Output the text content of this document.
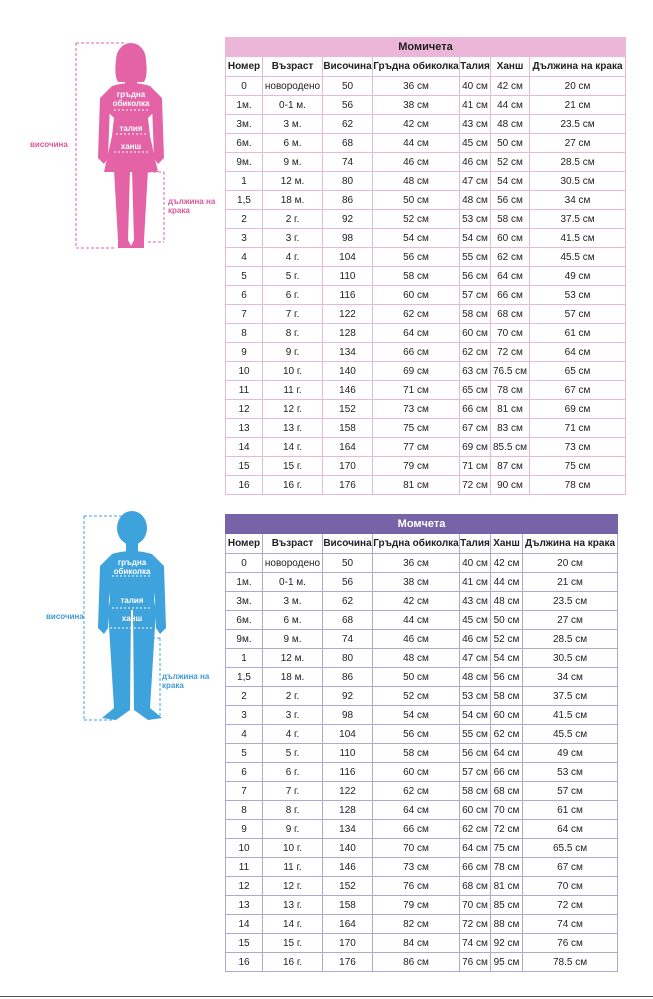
гръдна обиколка
талия
ханш
височина
дължина на крака
Момичета						
Номер	Възраст	Височина	Гръдна обиколка	Талия	Ханш	Дължина на крака
0	новородено	50	36 см	40 см	42 см	20 см
1м.	0-1 м.	56	38 см	41 см	44 см	21 см
3м.	3 м.	62	42 см	43 см	48 см	23.5 см
6м.	6 м.	68	44 см	45 см	50 см	27 см
9м.	9 м.	74	46 см	46 см	52 см	28.5 см
1	12 м.	80	48 см	47 см	54 см	30.5 см
1,5	18 м.	86	50 см	48 см	56 см	34 см
2	2 г.	92	52 см	53 см	58 см	37.5 см
3	3 г.	98	54 см	54 см	60 см	41.5 см
4	4 г.	104	56 см	55 см	62 см	45.5 см
5	5 г.	110	58 см	56 см	64 см	49 см
6	6 г.	116	60 см	57 см	66 см	53 см
7	7 г.	122	62 см	58 см	68 см	57 см
8	8 г.	128	64 см	60 см	70 см	61 см
9	9 г.	134	66 см	62 см	72 см	64 см
10	10 г.	140	69 см	63 см	76.5 см	65 см
11	11 г.	146	71 см	65 см	78 см	67 см
12	12 г.	152	73 см	66 см	81 см	69 см
13	13 г.	158	75 см	67 см	83 см	71 см
14	14 г.	164	77 см	69 см	85.5 см	73 см
15	15 г.	170	79 см	71 см	87 см	75 см
16	16 г.	176	81 см	72 см	90 см	78 см
гръдна обиколка
талия
ханш
височина
дължина на крака
Момчета						
Номер	Възраст	Височина	Гръдна обиколка	Талия	Ханш	Дължина на крака
0	новородено	50	36 см	40 см	42 см	20 см
1м.	0-1 м.	56	38 см	41 см	44 см	21 см
3м.	3 м.	62	42 см	43 см	48 см	23.5 см
6м.	6 м.	68	44 см	45 см	50 см	27 см
9м.	9 м.	74	46 см	46 см	52 см	28.5 см
1	12 м.	80	48 см	47 см	54 см	30.5 см
1,5	18 м.	86	50 см	48 см	56 см	34 см
2	2 г.	92	52 см	53 см	58 см	37.5 см
3	3 г.	98	54 см	54 см	60 см	41.5 см
4	4 г.	104	56 см	55 см	62 см	45.5 см
5	5 г.	110	58 см	56 см	64 см	49 см
6	6 г.	116	60 см	57 см	66 см	53 см
7	7 г.	122	62 см	58 см	68 см	57 см
8	8 г.	128	64 см	60 см	70 см	61 см
9	9 г.	134	66 см	62 см	72 см	64 см
10	10 г.	140	70 см	64 см	75 см	65.5 см
11	11 г.	146	73 см	66 см	78 см	67 см
12	12 г.	152	76 см	68 см	81 см	70 см
13	13 г.	158	79 см	70 см	85 см	72 см
14	14 г.	164	82 см	72 см	88 см	74 см
15	15 г.	170	84 см	74 см	92 см	76 см
16	16 г.	176	86 см	76 см	95 см	78.5 см
